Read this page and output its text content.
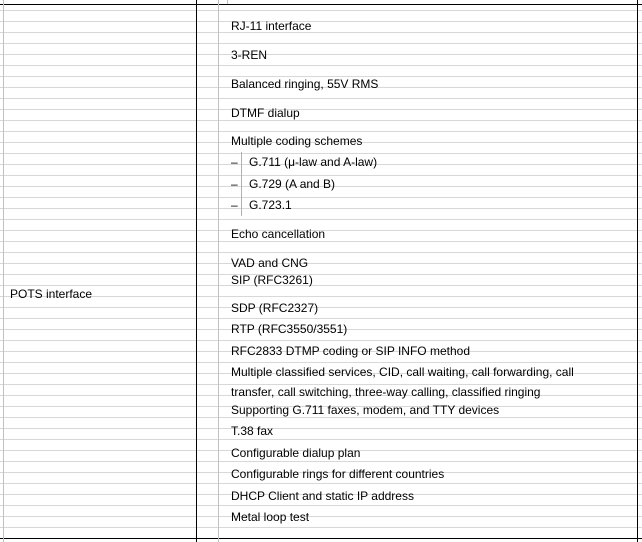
POTS interface
RJ-11 interface
3-REN
Balanced ringing, 55V RMS
DTMF dialup
Multiple coding schemes
– G.711 (μ-law and A-law)
– G.729 (A and B)
– G.723.1
Echo cancellation
VAD and CNG
SIP (RFC3261)
SDP (RFC2327)
RTP (RFC3550/3551)
RFC2833 DTMP coding or SIP INFO method
Multiple classified services, CID, call waiting, call forwarding, call
transfer, call switching, three-way calling, classified ringing
Supporting G.711 faxes, modem, and TTY devices
T.38 fax
Configurable dialup plan
Configurable rings for different countries
DHCP Client and static IP address
Metal loop test
